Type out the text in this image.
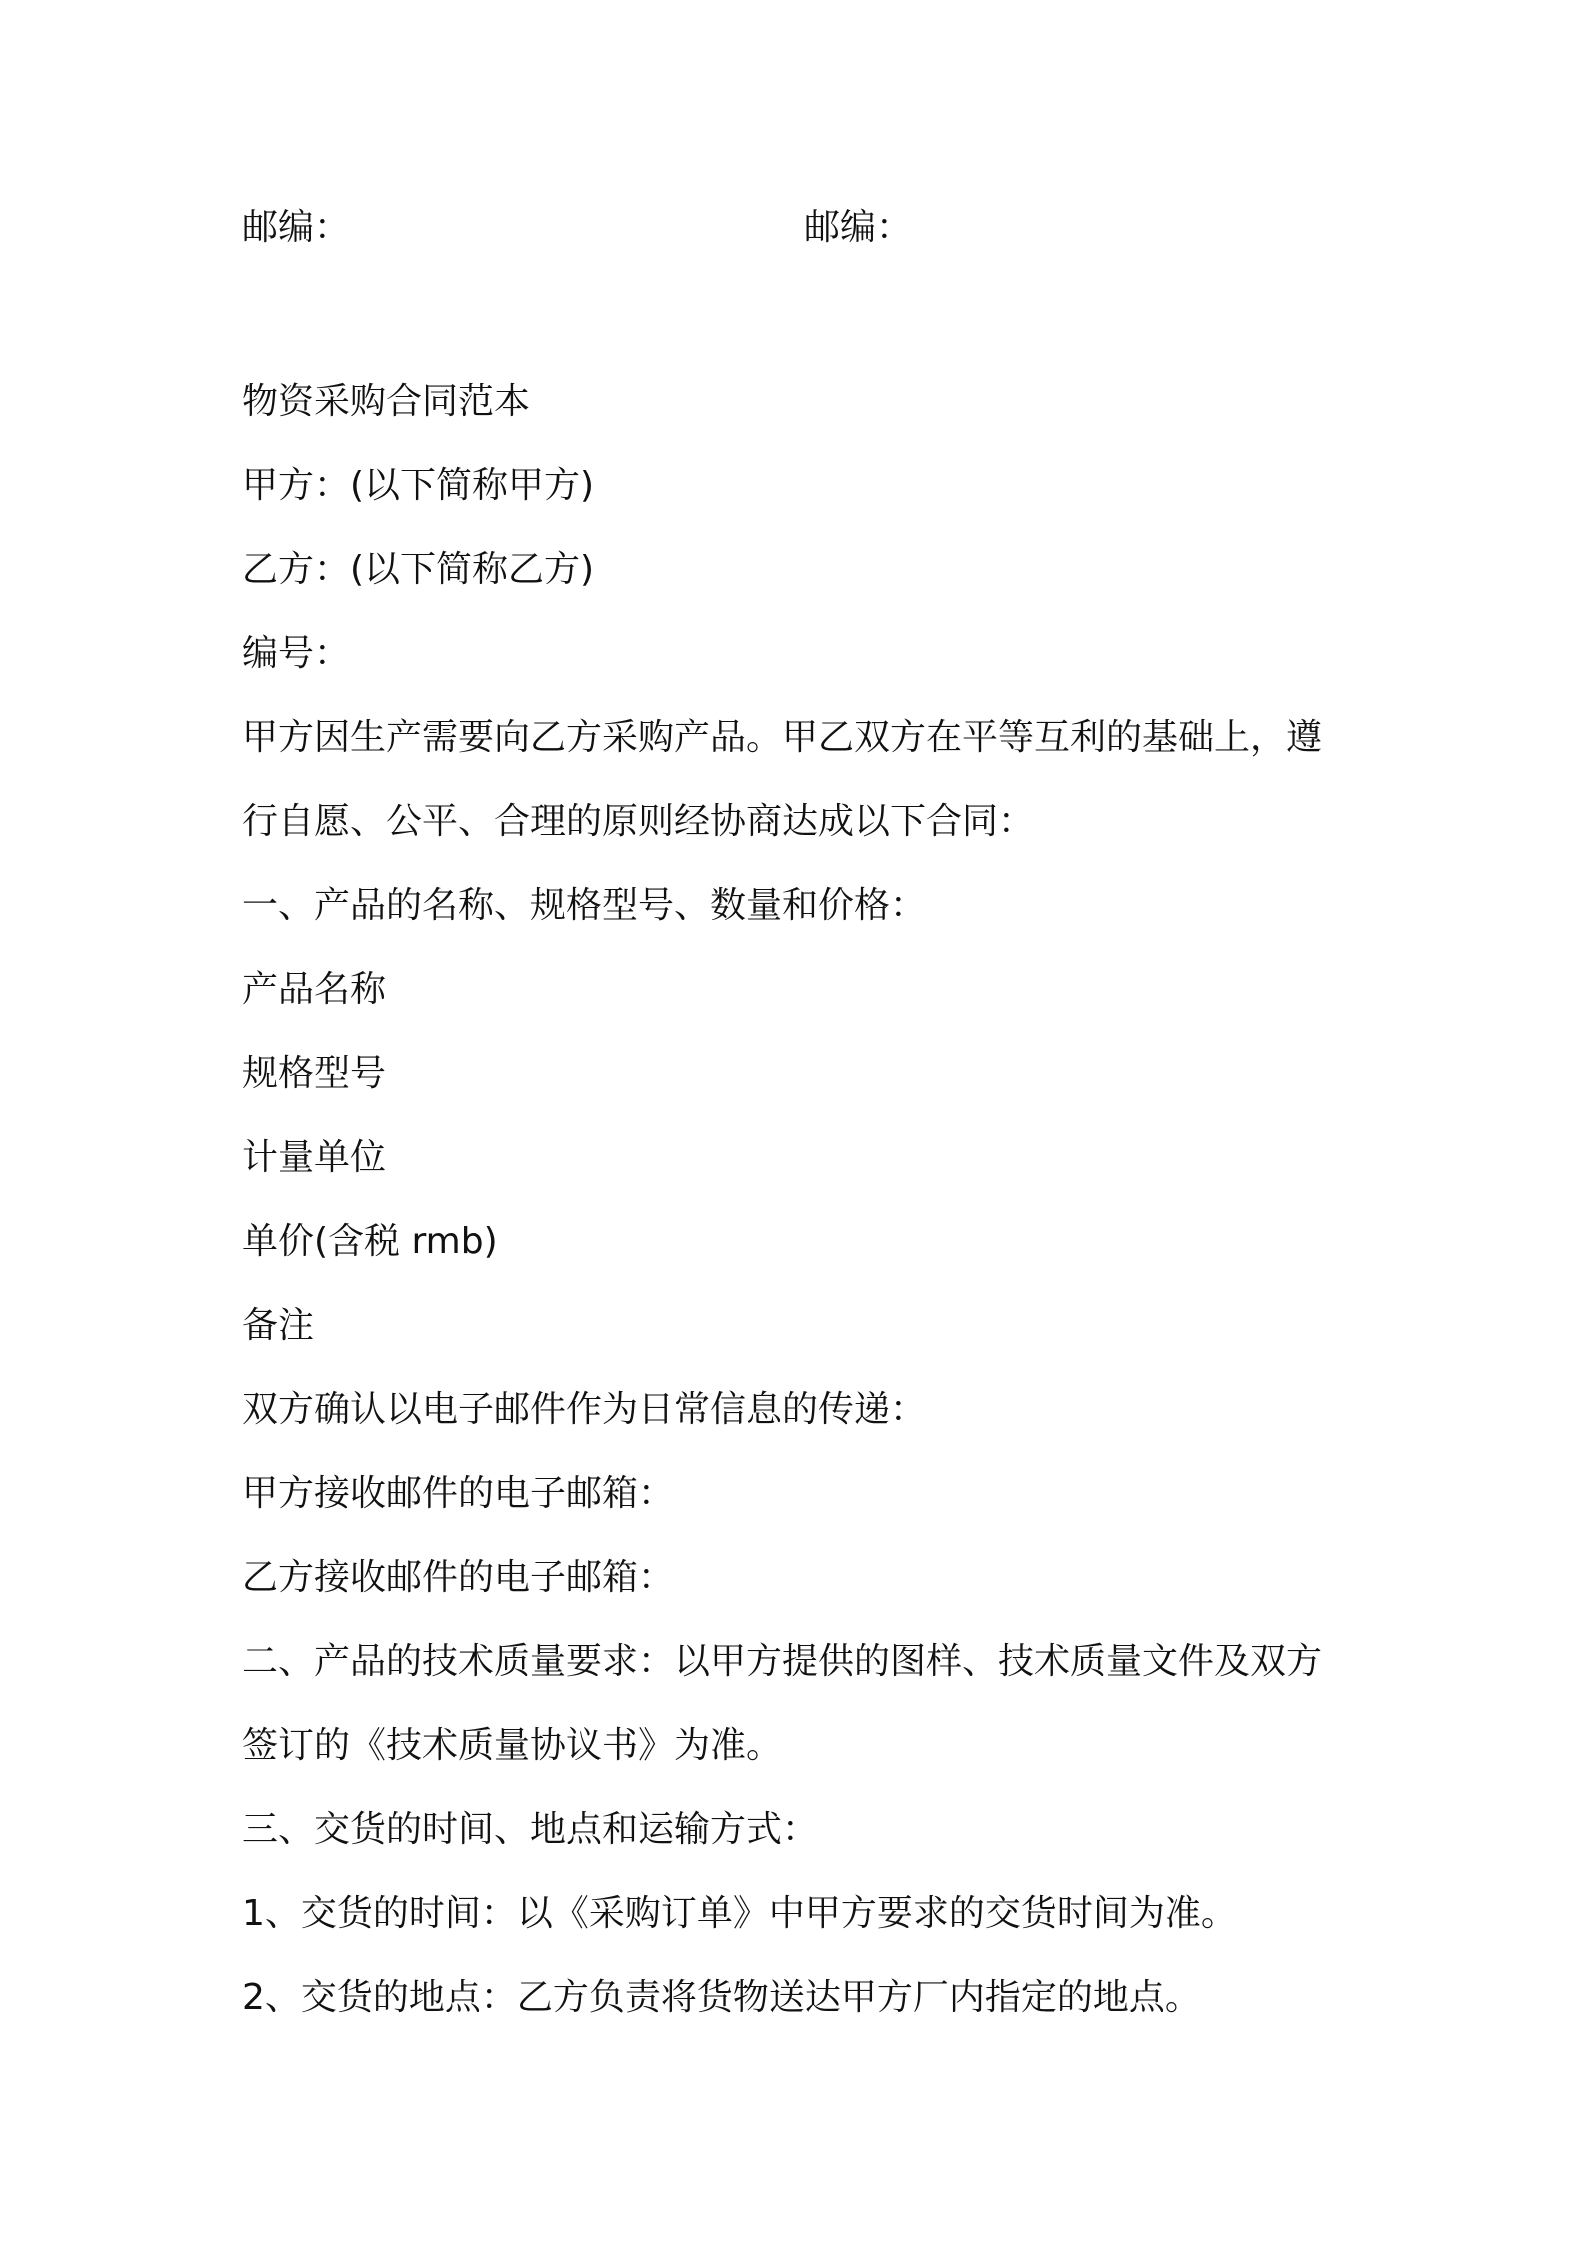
邮编：	邮编：

物资采购合同范本

甲方：(以下简称甲方)

乙方：(以下简称乙方)

编号：

甲方因生产需要向乙方采购产品。甲乙双方在平等互利的基础上，遵

行自愿、公平、合理的原则经协商达成以下合同：

一、产品的名称、规格型号、数量和价格：

产品名称

规格型号

计量单位

单价(含税 rmb)

备注

双方确认以电子邮件作为日常信息的传递：

甲方接收邮件的电子邮箱：

乙方接收邮件的电子邮箱：

二、产品的技术质量要求：以甲方提供的图样、技术质量文件及双方

签订的《技术质量协议书》为准。

三、交货的时间、地点和运输方式：

1、交货的时间：以《采购订单》中甲方要求的交货时间为准。

2、交货的地点：乙方负责将货物送达甲方厂内指定的地点。
